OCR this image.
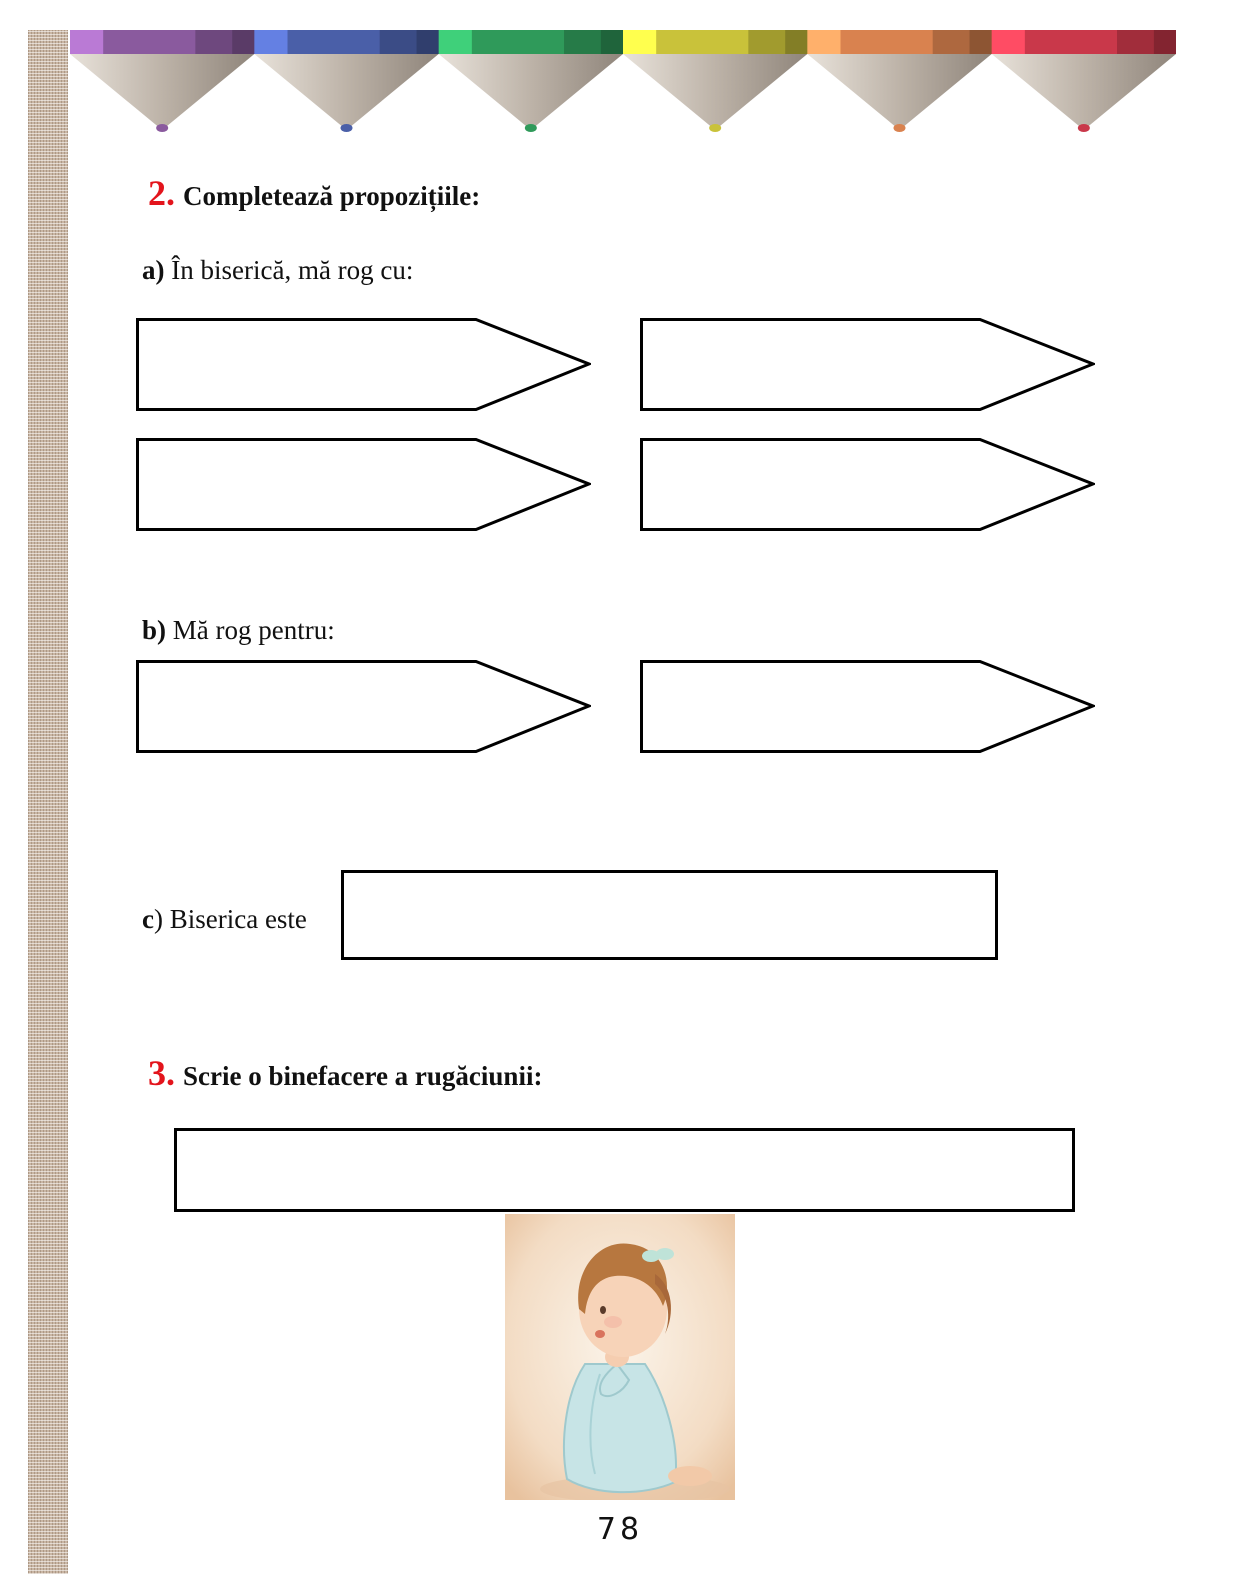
2. Completează propozițiile:
a) În biserică, mă rog cu:
b) Mă rog pentru:
c) Biserica este
3. Scrie o binefacere a rugăciunii:
78
